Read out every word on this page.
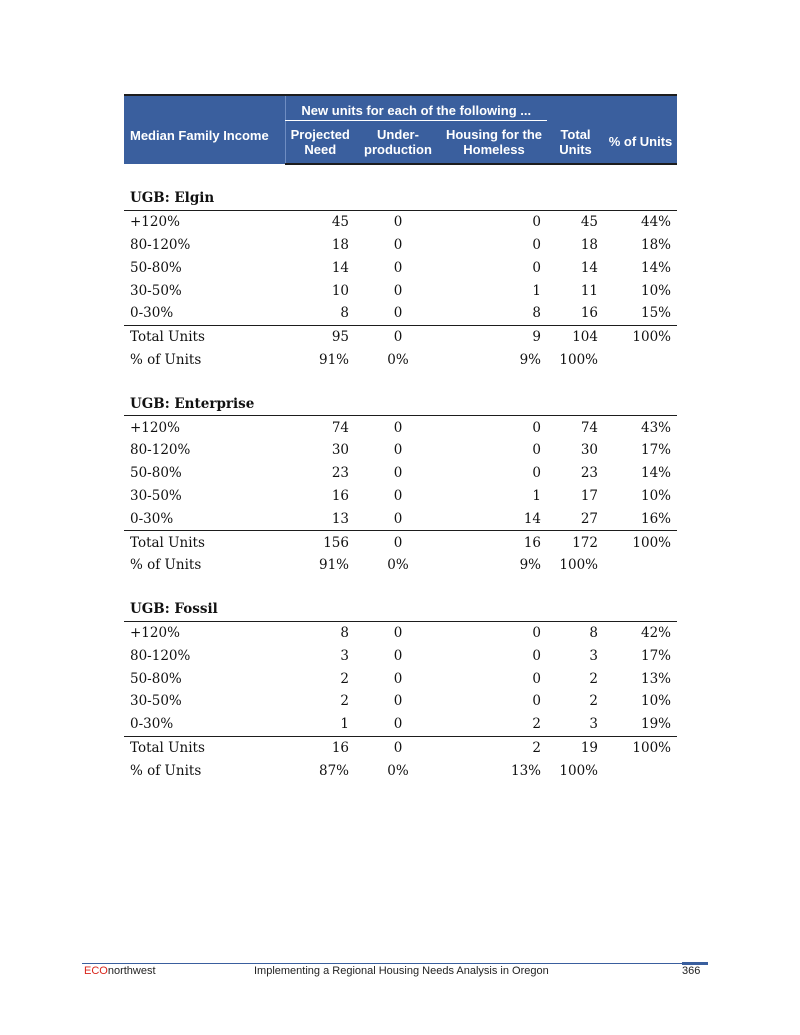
Median Family Income	New units for each of the following ...				
	Projected Need	Under-production	Housing for the Homeless	Total Units	% of Units

UGB: Elgin					
+120%	45	0	0	45	44%
80-120%	18	0	0	18	18%
50-80%	14	0	0	14	14%
30-50%	10	0	1	11	10%
0-30%	8	0	8	16	15%
Total Units	95	0	9	104	100%
% of Units	91%	0%	9%	100%	

UGB: Enterprise					
+120%	74	0	0	74	43%
80-120%	30	0	0	30	17%
50-80%	23	0	0	23	14%
30-50%	16	0	1	17	10%
0-30%	13	0	14	27	16%
Total Units	156	0	16	172	100%
% of Units	91%	0%	9%	100%	

UGB: Fossil					
+120%	8	0	0	8	42%
80-120%	3	0	0	3	17%
50-80%	2	0	0	2	13%
30-50%	2	0	0	2	10%
0-30%	1	0	2	3	19%
Total Units	16	0	2	19	100%
% of Units	87%	0%	13%	100%	
ECOnorthwest	Implementing a Regional Housing Needs Analysis in Oregon	366
